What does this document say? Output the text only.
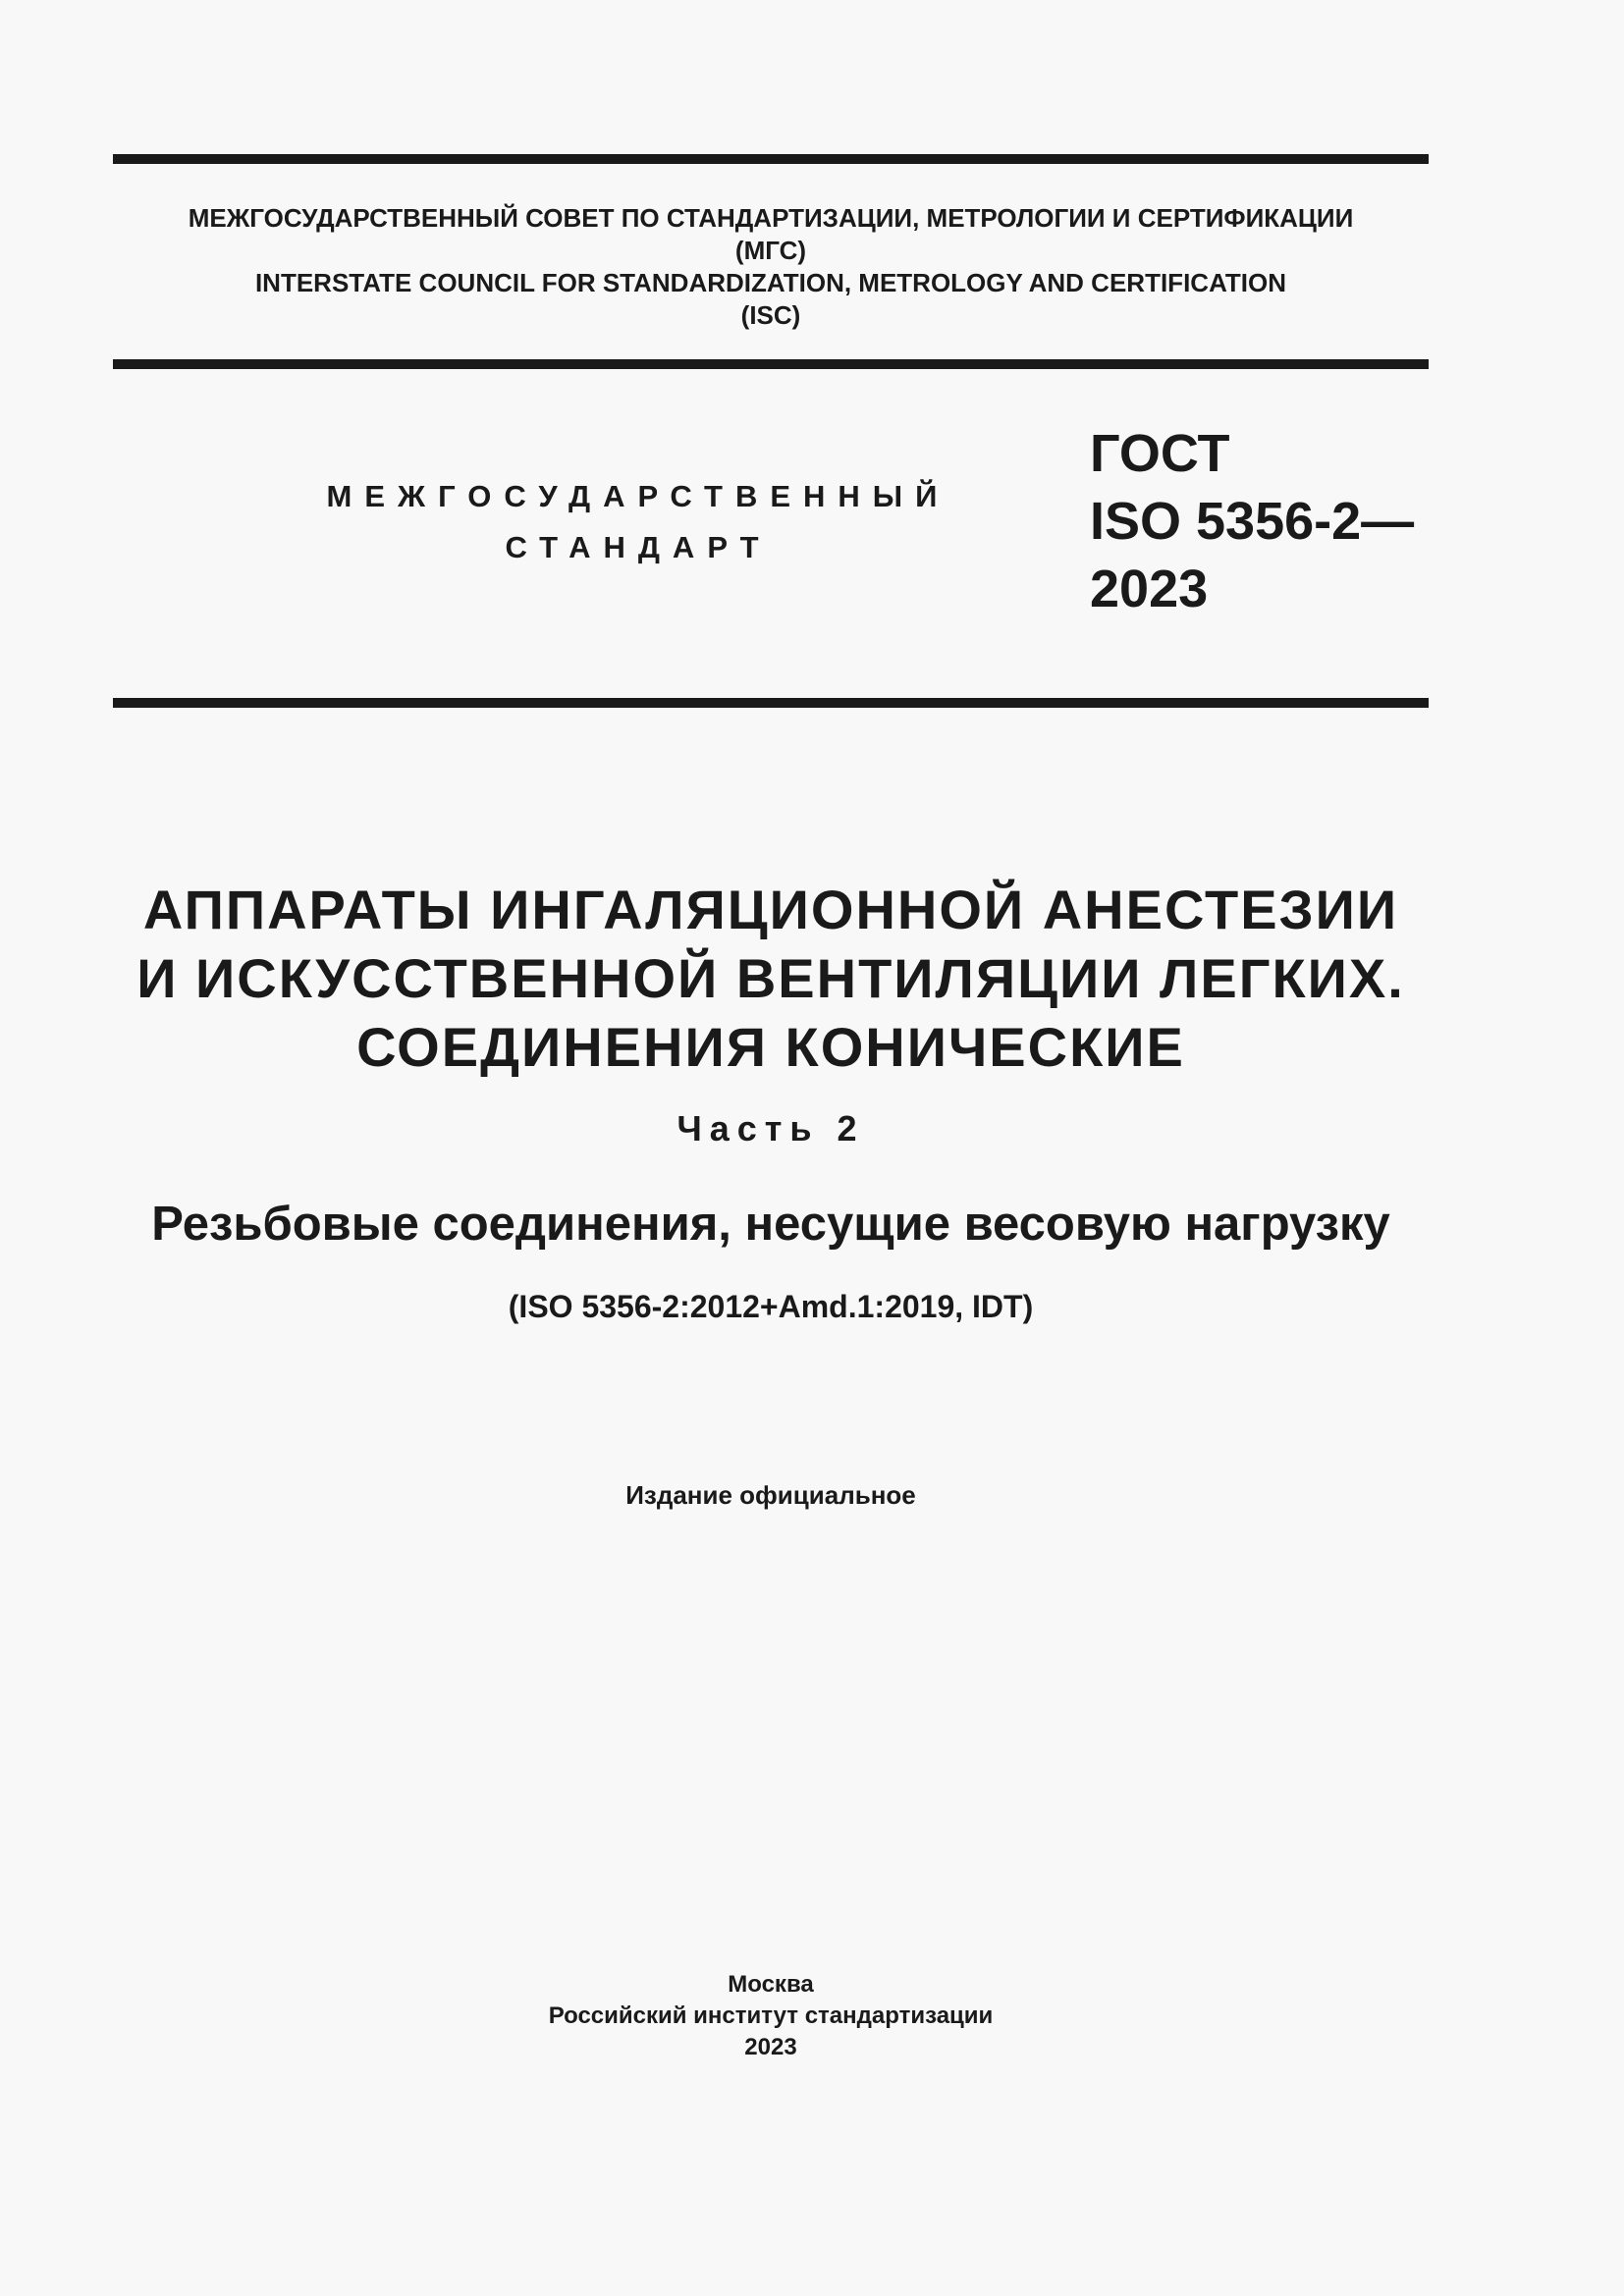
МЕЖГОСУДАРСТВЕННЫЙ СОВЕТ ПО СТАНДАРТИЗАЦИИ, МЕТРОЛОГИИ И СЕРТИФИКАЦИИ
(МГС)
INTERSTATE COUNCIL FOR STANDARDIZATION, METROLOGY AND CERTIFICATION
(ISC)
МЕЖГОСУДАРСТВЕННЫЙ
СТАНДАРТ
ГОСТ
ISO 5356-2—
2023
АППАРАТЫ ИНГАЛЯЦИОННОЙ АНЕСТЕЗИИ
И ИСКУССТВЕННОЙ ВЕНТИЛЯЦИИ ЛЕГКИХ.
СОЕДИНЕНИЯ КОНИЧЕСКИЕ
Часть 2
Резьбовые соединения, несущие весовую нагрузку
(ISO 5356-2:2012+Amd.1:2019, IDT)
Издание официальное
Москва
Российский институт стандартизации
2023
